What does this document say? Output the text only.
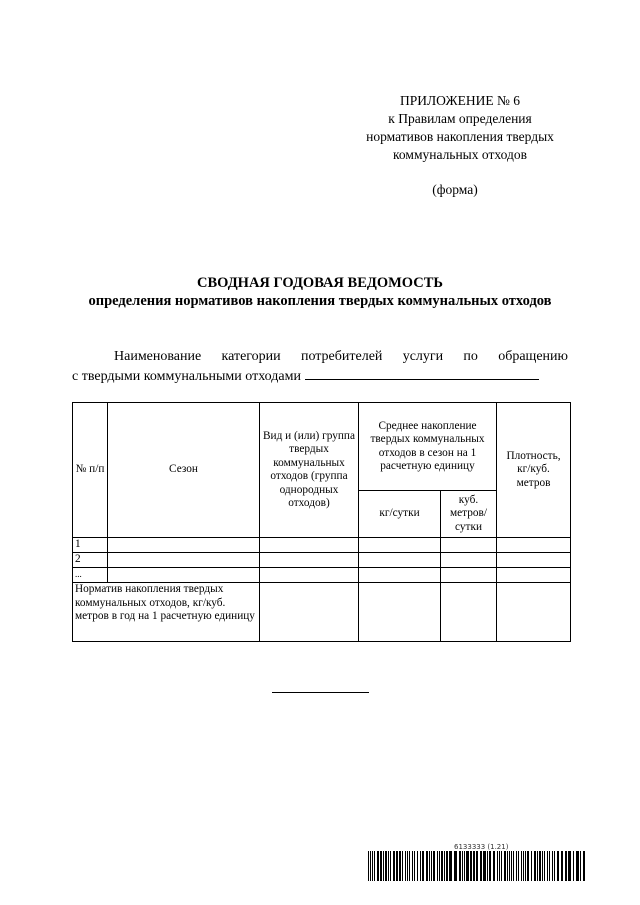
ПРИЛОЖЕНИЕ № 6
к Правилам определения
нормативов накопления твердых
коммунальных отходов
(форма)
СВОДНАЯ ГОДОВАЯ ВЕДОМОСТЬ
определения нормативов накопления твердых коммунальных отходов
Наименование категории потребителей услуги по обращению
с твердыми коммунальными отходами
№ п/п	Сезон	Вид и (или) группа твердых коммунальных отходов (группа однородных отходов)	Среднее накопление твердых коммунальных отходов в сезон на 1 расчетную единицу		Плотность, кг/куб. метров
			кг/сутки	куб. метров/ сутки	
1					
2					
...					
Норматив накопления твердых коммунальных отходов, кг/куб. метров в год на 1 расчетную единицу					
6133333 (1.21)
